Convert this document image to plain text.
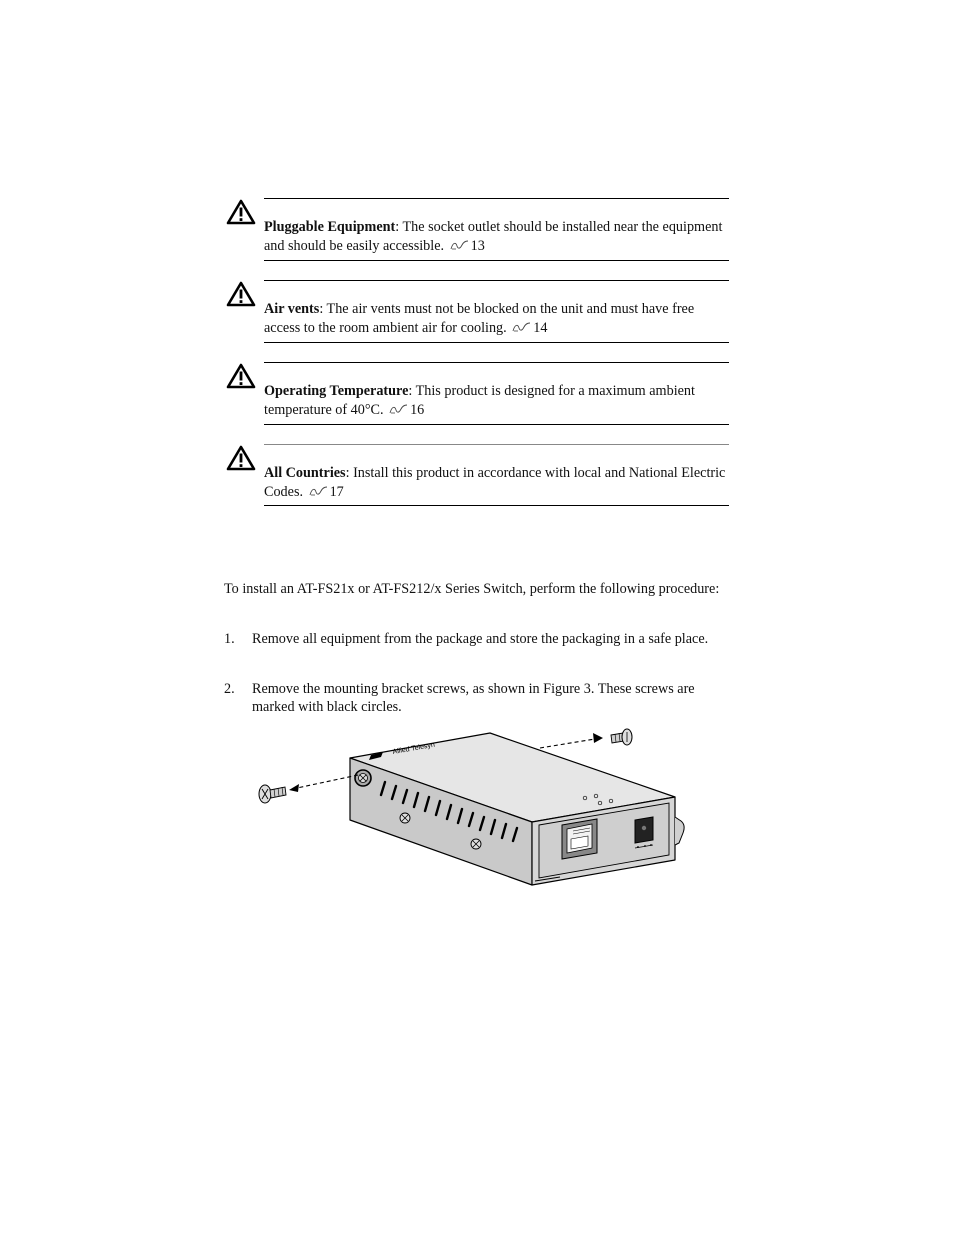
Pluggable Equipment: The socket outlet should be installed near the equipment and should be easily accessible. 13
Air vents: The air vents must not be blocked on the unit and must have free access to the room ambient air for cooling. 14
Operating Temperature: This product is designed for a maximum ambient temperature of 40°C. 16
All Countries: Install this product in accordance with local and National Electric Codes. 17
To install an AT-FS21x or AT-FS212/x Series Switch, perform the following procedure:
1. Remove all equipment from the package and store the packaging in a safe place.
2. Remove the mounting bracket screws, as shown in Figure 3. These screws are marked with black circles.
Allied Telesyn
